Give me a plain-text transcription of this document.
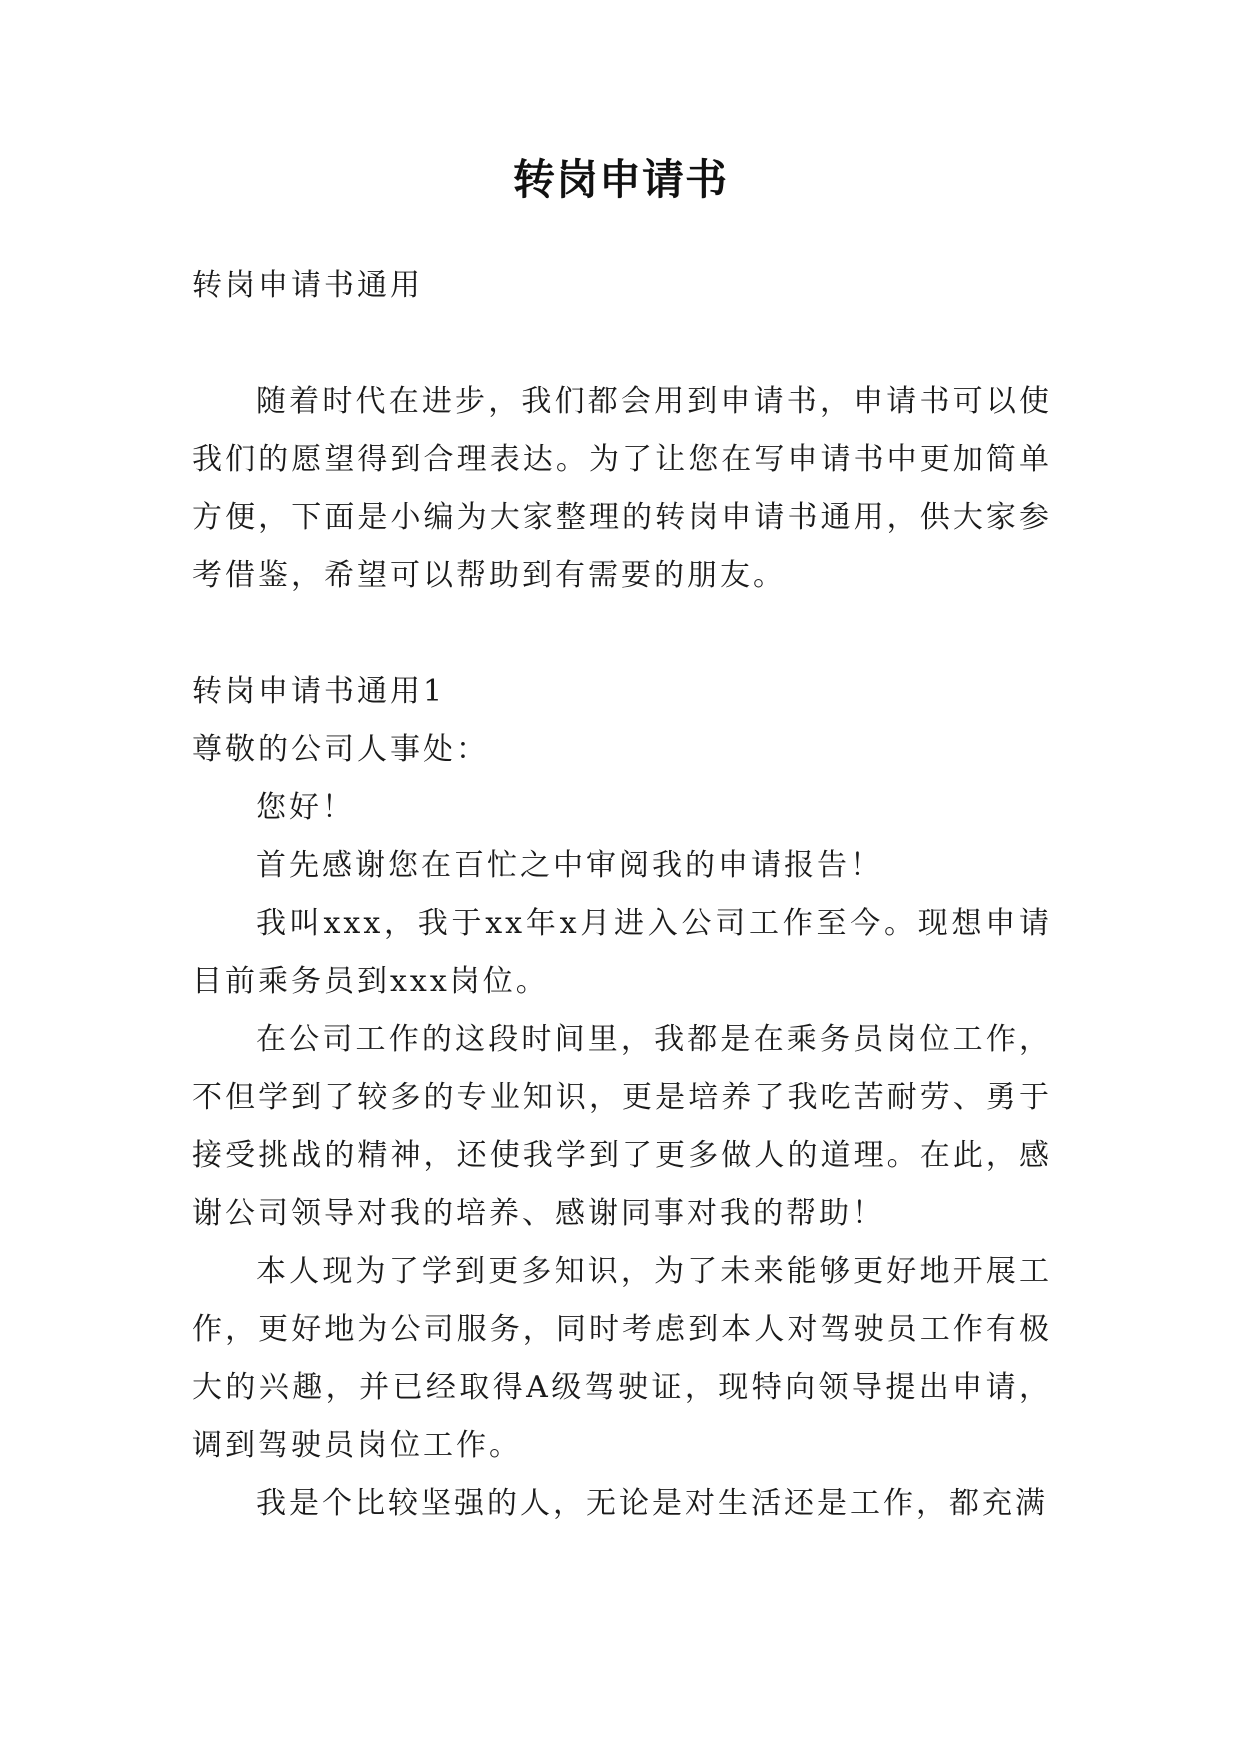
转岗申请书

转岗申请书通用

随着时代在进步，我们都会用到申请书，申请书可以使我们的愿望得到合理表达。为了让您在写申请书中更加简单方便，下面是小编为大家整理的转岗申请书通用，供大家参考借鉴，希望可以帮助到有需要的朋友。

转岗申请书通用1

尊敬的公司人事处：

您好！

首先感谢您在百忙之中审阅我的申请报告！

我叫xxx，我于xx年x月进入公司工作至今。现想申请目前乘务员到xxx岗位。

在公司工作的这段时间里，我都是在乘务员岗位工作，不但学到了较多的专业知识，更是培养了我吃苦耐劳、勇于接受挑战的精神，还使我学到了更多做人的道理。在此，感谢公司领导对我的培养、感谢同事对我的帮助！

本人现为了学到更多知识，为了未来能够更好地开展工作，更好地为公司服务，同时考虑到本人对驾驶员工作有极大的兴趣，并已经取得A级驾驶证，现特向领导提出申请，调到驾驶员岗位工作。

我是个比较坚强的人，无论是对生活还是工作，都充满
